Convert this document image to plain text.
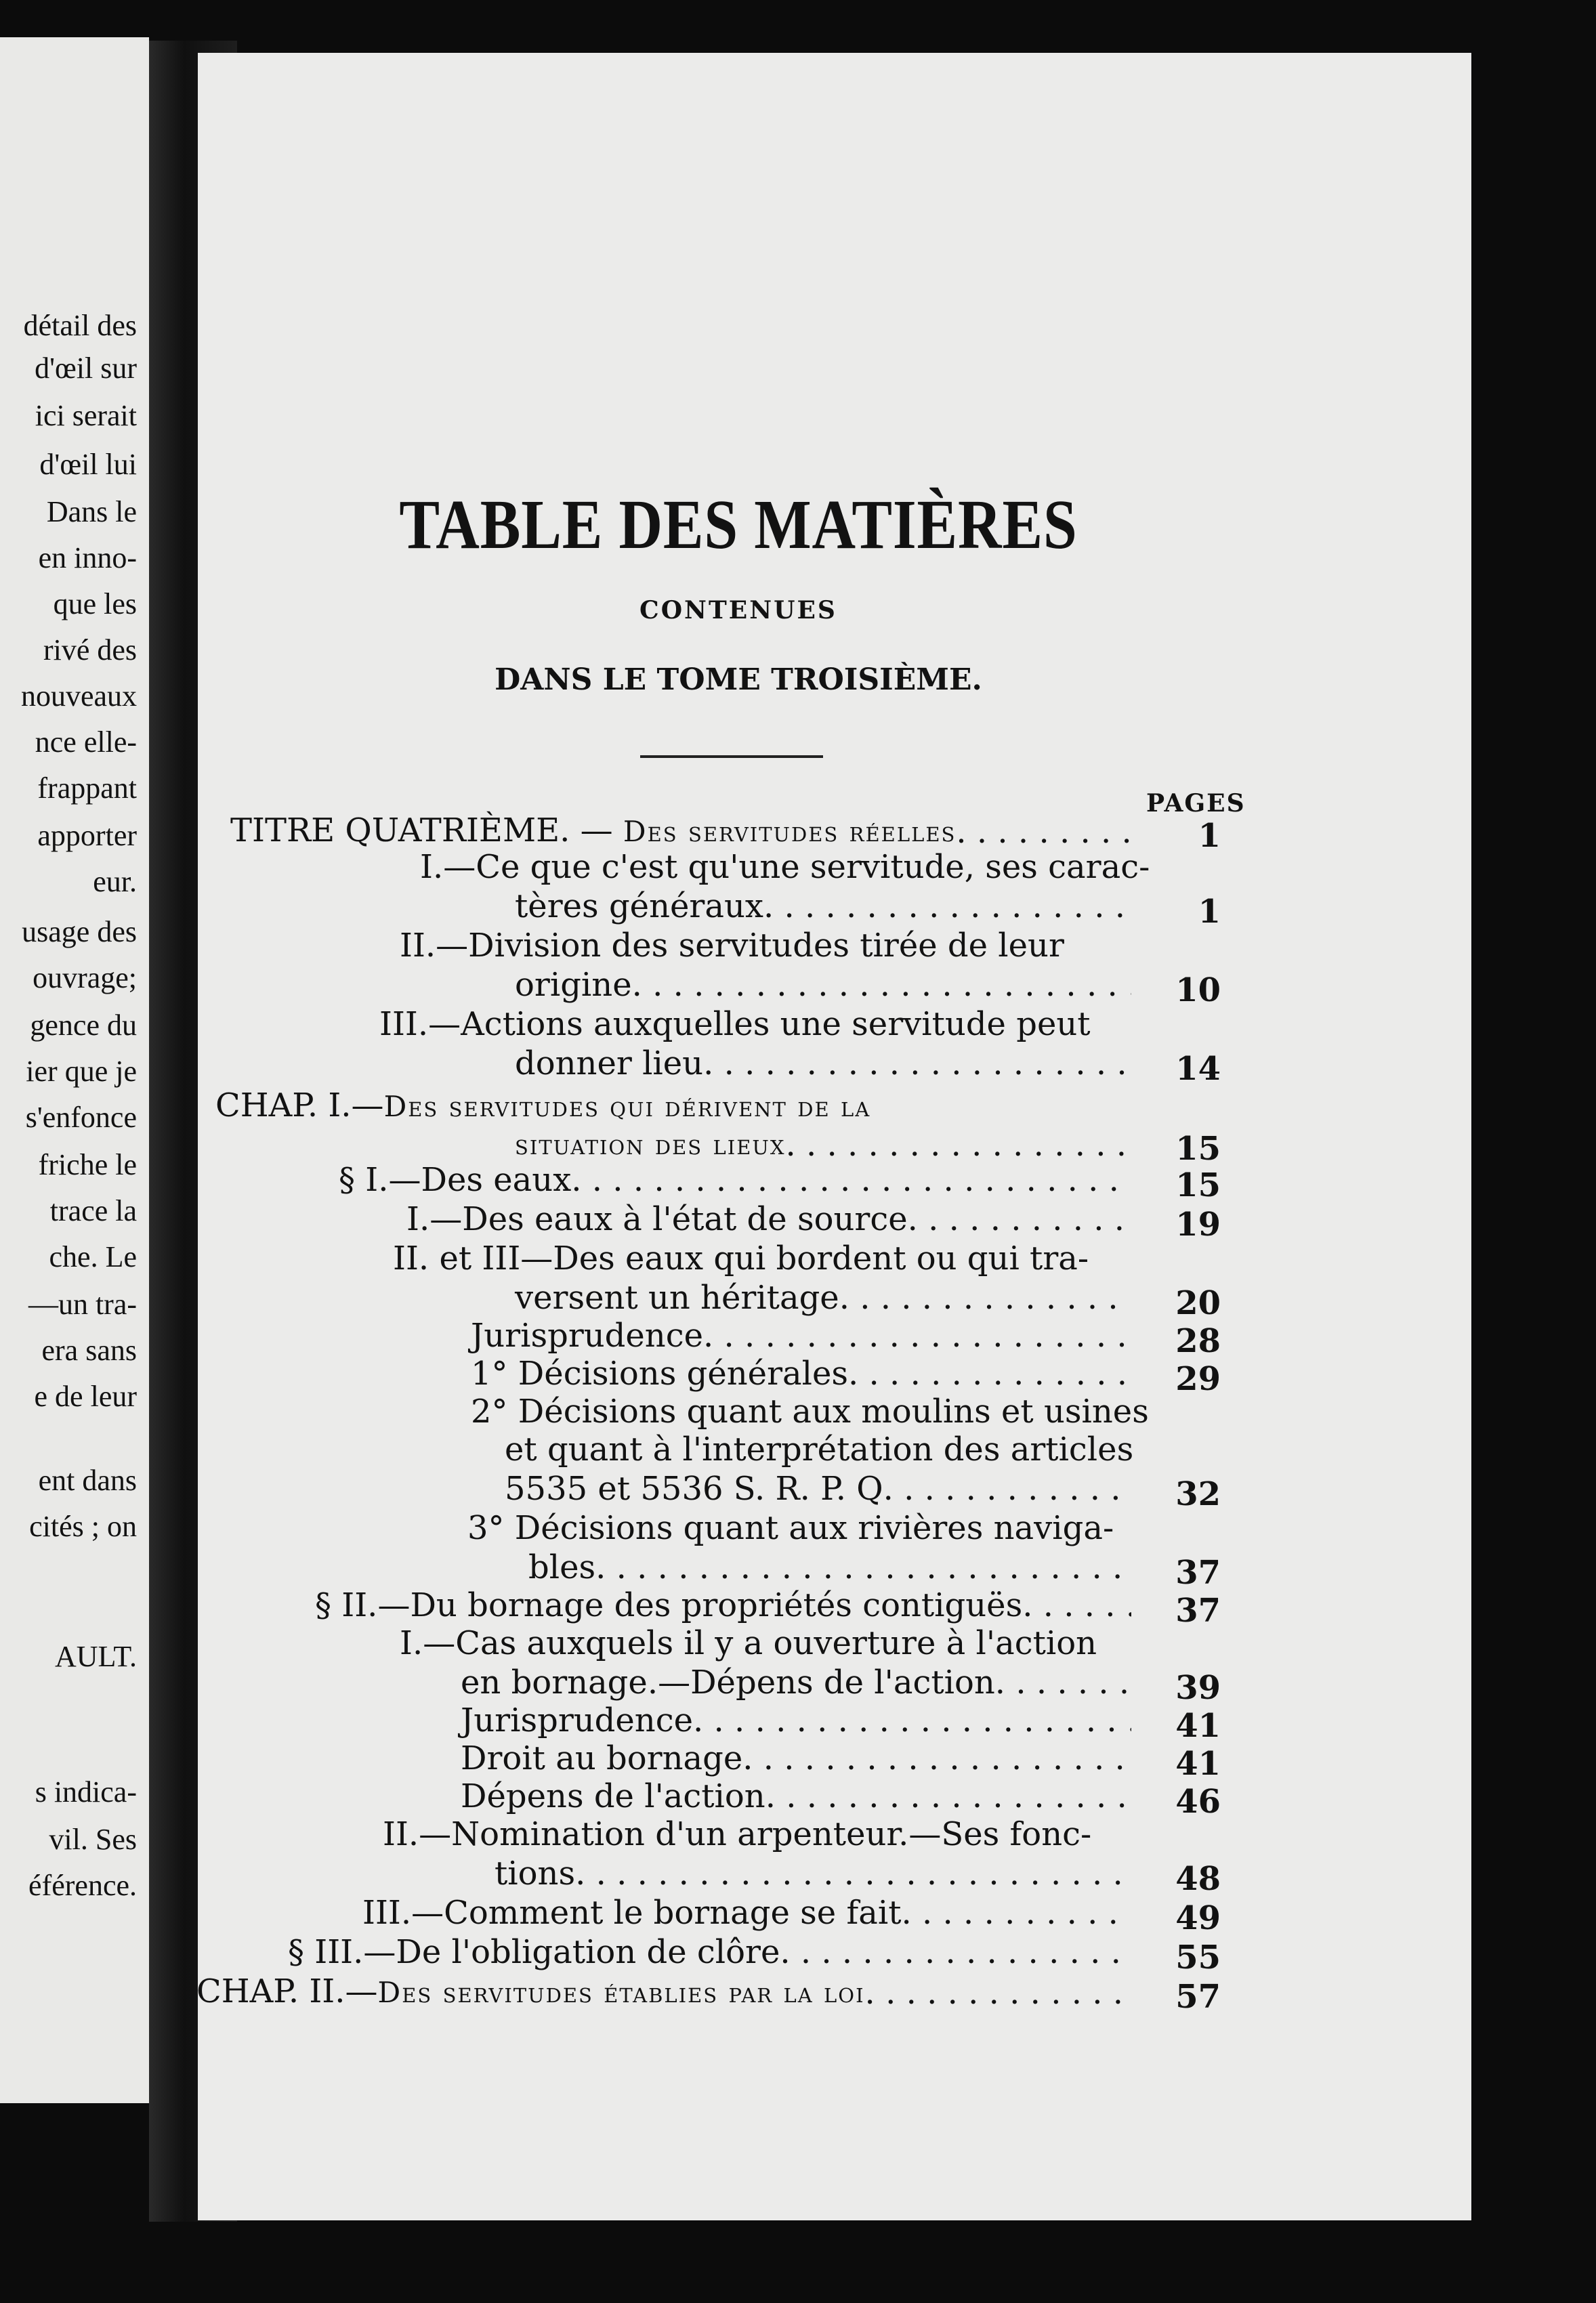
détail des
d'œil sur
ici serait
d'œil lui
Dans le
en inno-
que les
rivé des
nouveaux
nce elle-
frappant
apporter
eur.
usage des
ouvrage;
gence du
ier que je
s'enfonce
friche le
trace la
che. Le
—un tra-
era sans
e de leur
ent dans
cités ; on
AULT.
s indica-
vil. Ses
éférence.
TABLE DES MATIÈRES
CONTENUES
DANS LE TOME TROISIÈME.
PAGES
TITRE QUATRIÈME. — Des servitudes réelles . . .	1
I.—Ce que c'est qu'une servitude, ses carac-
tères généraux . . .	1
II.—Division des servitudes tirée de leur
origine . . .	10
III.—Actions auxquelles une servitude peut
donner lieu . . .	14
CHAP. I.—Des servitudes qui dérivent de la
situation des lieux . . .	15
§ I.—Des eaux . . .	15
I.—Des eaux à l'état de source . . .	19
II. et III—Des eaux qui bordent ou qui tra-
versent un héritage . . .	20
Jurisprudence . . .	28
1° Décisions générales . . .	29
2° Décisions quant aux moulins et usines
et quant à l'interprétation des articles
5535 et 5536 S. R. P. Q . . .	32
3° Décisions quant aux rivières naviga-
bles . . .	37
§ II.—Du bornage des propriétés contiguës . . .	37
I.—Cas auxquels il y a ouverture à l'action
en bornage.—Dépens de l'action . . .	39
Jurisprudence . . .	41
Droit au bornage . . .	41
Dépens de l'action . . .	46
II.—Nomination d'un arpenteur.—Ses fonc-
tions . . .	48
III.—Comment le bornage se fait . . .	49
§ III.—De l'obligation de clôre . . .	55
CHAP. II.—Des servitudes établies par la loi . . .	57
